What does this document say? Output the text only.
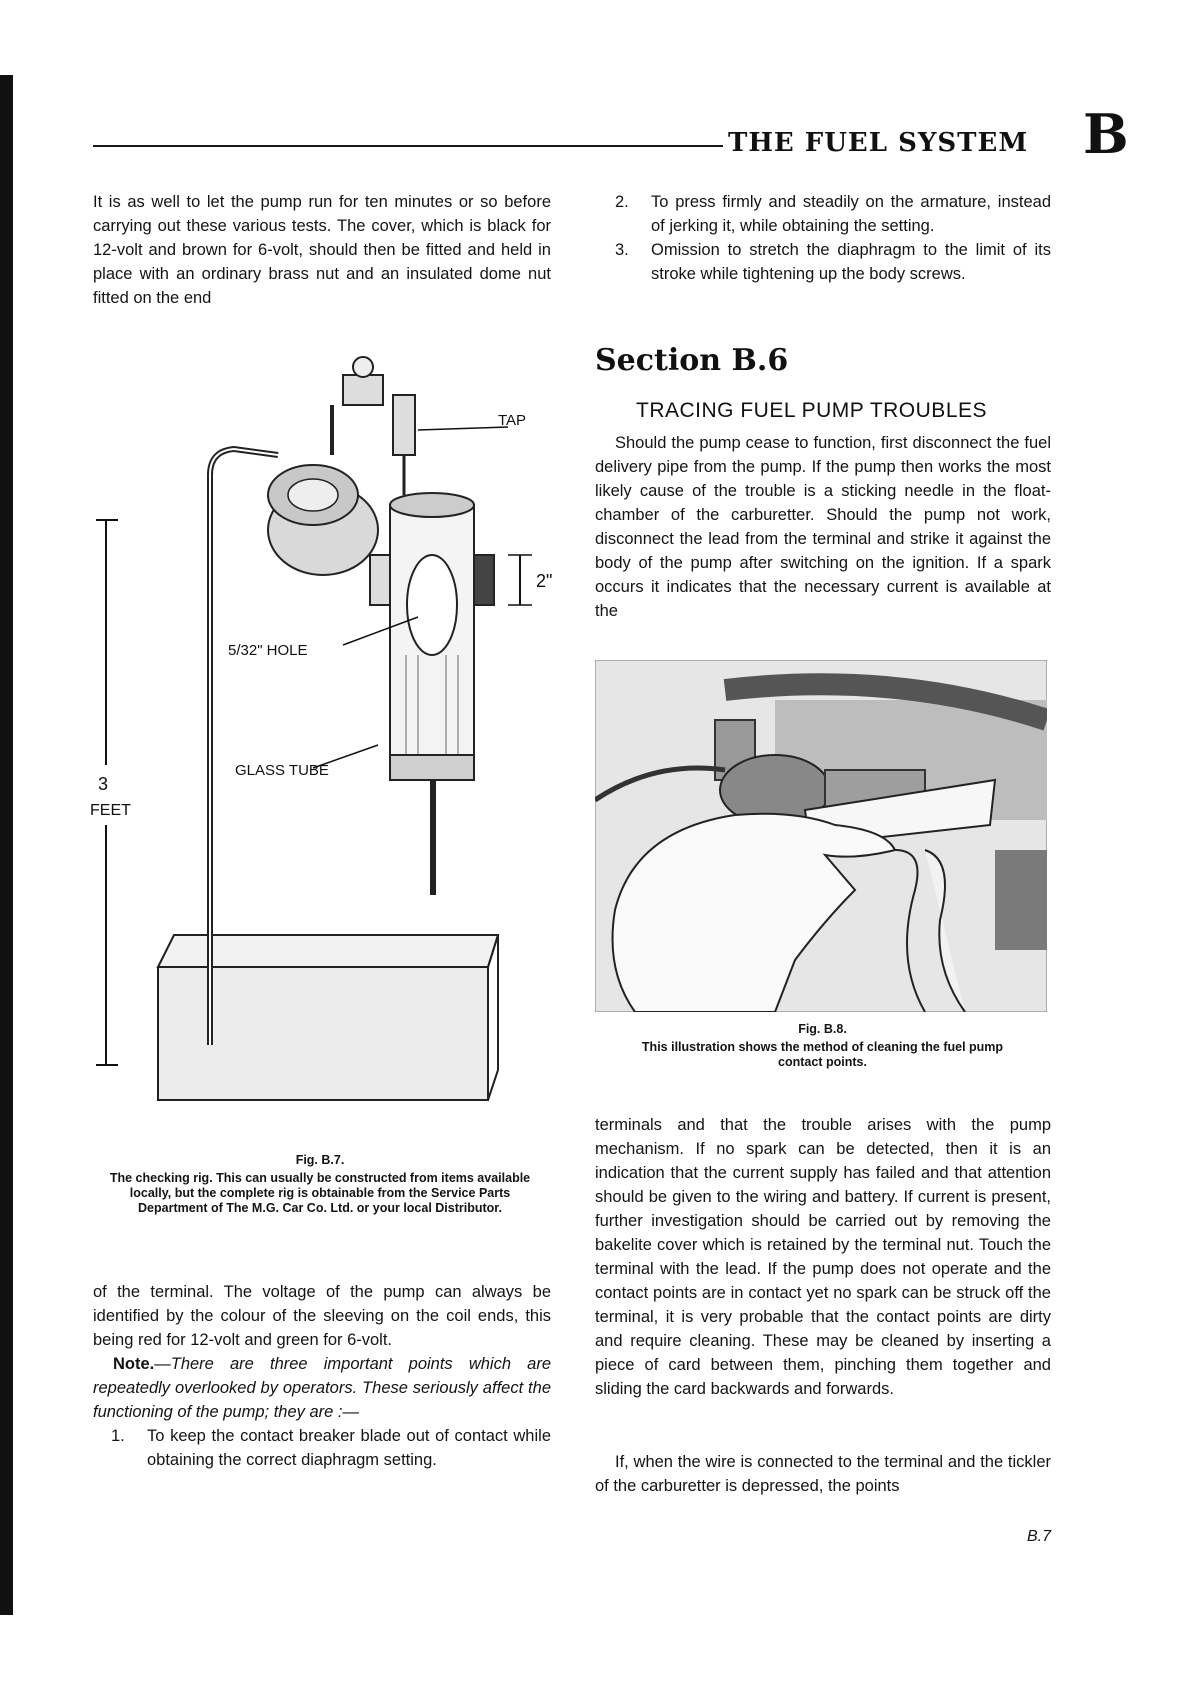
THE FUEL SYSTEM B

It is as well to let the pump run for ten minutes or so before carrying out these various tests. The cover, which is black for 12-volt and brown for 6-volt, should then be fitted and held in place with an ordinary brass nut and an insulated dome nut fitted on the end

3
FEET
TAP
2"
5/32" HOLE
GLASS TUBE
Fig. B.7.
The checking rig. This can usually be constructed from items available locally, but the complete rig is obtainable from the Service Parts Department of The M.G. Car Co. Ltd. or your local Distributor.

of the terminal. The voltage of the pump can always be identified by the colour of the sleeving on the coil ends, this being red for 12-volt and green for 6-volt.

Note.—There are three important points which are repeatedly overlooked by operators. These seriously affect the functioning of the pump; they are :—

1.	To keep the contact breaker blade out of contact while obtaining the correct diaphragm setting.
2.	To press firmly and steadily on the armature, instead of jerking it, while obtaining the setting.
3.	Omission to stretch the diaphragm to the limit of its stroke while tightening up the body screws.
Section B.6
TRACING FUEL PUMP TROUBLES

Should the pump cease to function, first disconnect the fuel delivery pipe from the pump. If the pump then works the most likely cause of the trouble is a sticking needle in the float-chamber of the carburetter. Should the pump not work, disconnect the lead from the terminal and strike it against the body of the pump after switching on the ignition. If a spark occurs it indicates that the necessary current is available at the

Fig. B.8.
This illustration shows the method of cleaning the fuel pump contact points.

terminals and that the trouble arises with the pump mechanism. If no spark can be detected, then it is an indication that the current supply has failed and that attention should be given to the wiring and battery. If current is present, further investigation should be carried out by removing the bakelite cover which is retained by the terminal nut. Touch the terminal with the lead. If the pump does not operate and the contact points are in contact yet no spark can be struck off the terminal, it is very probable that the contact points are dirty and require cleaning. These may be cleaned by inserting a piece of card between them, pinching them together and sliding the card backwards and forwards.

If, when the wire is connected to the terminal and the tickler of the carburetter is depressed, the points

B.7
